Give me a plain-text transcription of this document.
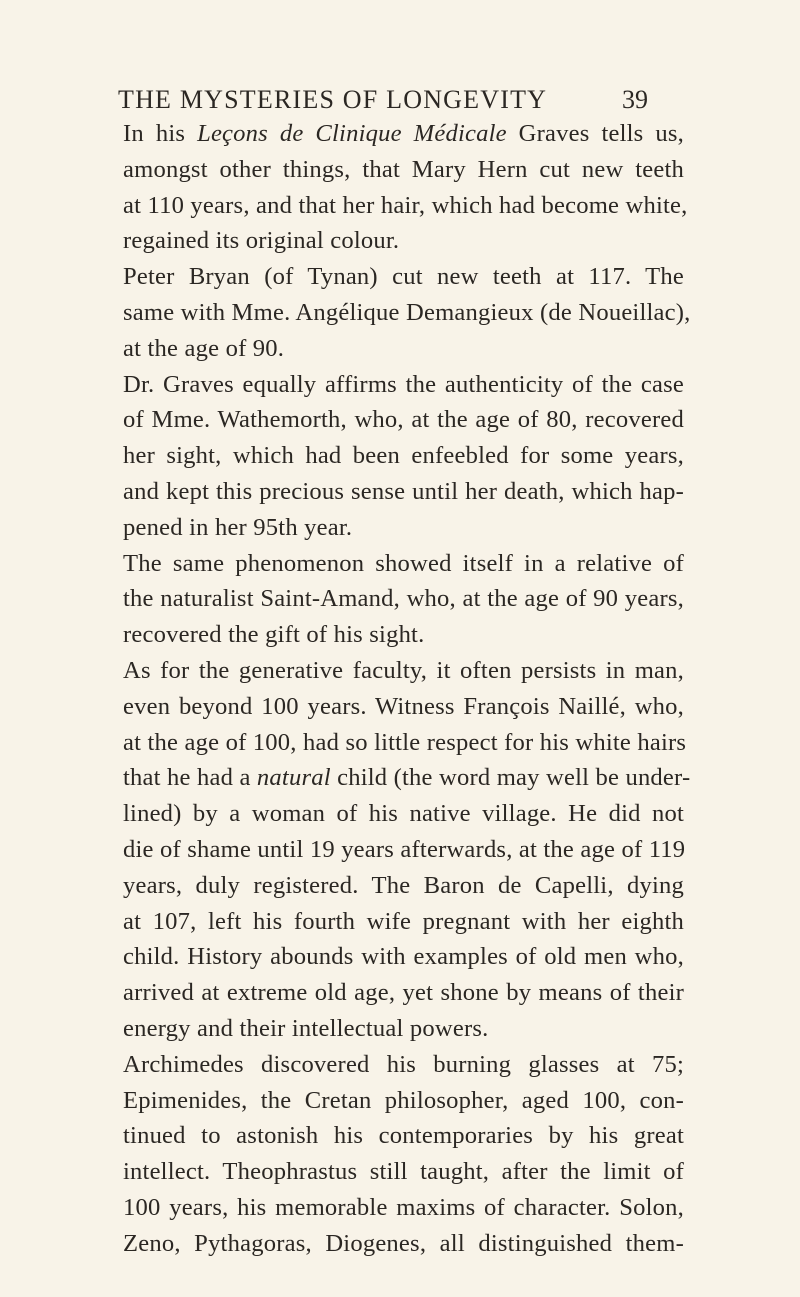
THE MYSTERIES OF LONGEVITY	39
In his Leçons de Clinique Médicale Graves tells us,
amongst other things, that Mary Hern cut new teeth
at 110 years, and that her hair, which had become white,
regained its original colour.
Peter Bryan (of Tynan) cut new teeth at 117. The
same with Mme. Angélique Demangieux (de Noueillac),
at the age of 90.
Dr. Graves equally affirms the authenticity of the case
of Mme. Wathemorth, who, at the age of 80, recovered
her sight, which had been enfeebled for some years,
and kept this precious sense until her death, which hap-
pened in her 95th year.
The same phenomenon showed itself in a relative of
the naturalist Saint-Amand, who, at the age of 90 years,
recovered the gift of his sight.
As for the generative faculty, it often persists in man,
even beyond 100 years. Witness François Naillé, who,
at the age of 100, had so little respect for his white hairs
that he had a natural child (the word may well be under-
lined) by a woman of his native village. He did not
die of shame until 19 years afterwards, at the age of 119
years, duly registered. The Baron de Capelli, dying
at 107, left his fourth wife pregnant with her eighth
child. History abounds with examples of old men who,
arrived at extreme old age, yet shone by means of their
energy and their intellectual powers.
Archimedes discovered his burning glasses at 75;
Epimenides, the Cretan philosopher, aged 100, con-
tinued to astonish his contemporaries by his great
intellect. Theophrastus still taught, after the limit of
100 years, his memorable maxims of character. Solon,
Zeno, Pythagoras, Diogenes, all distinguished them-
